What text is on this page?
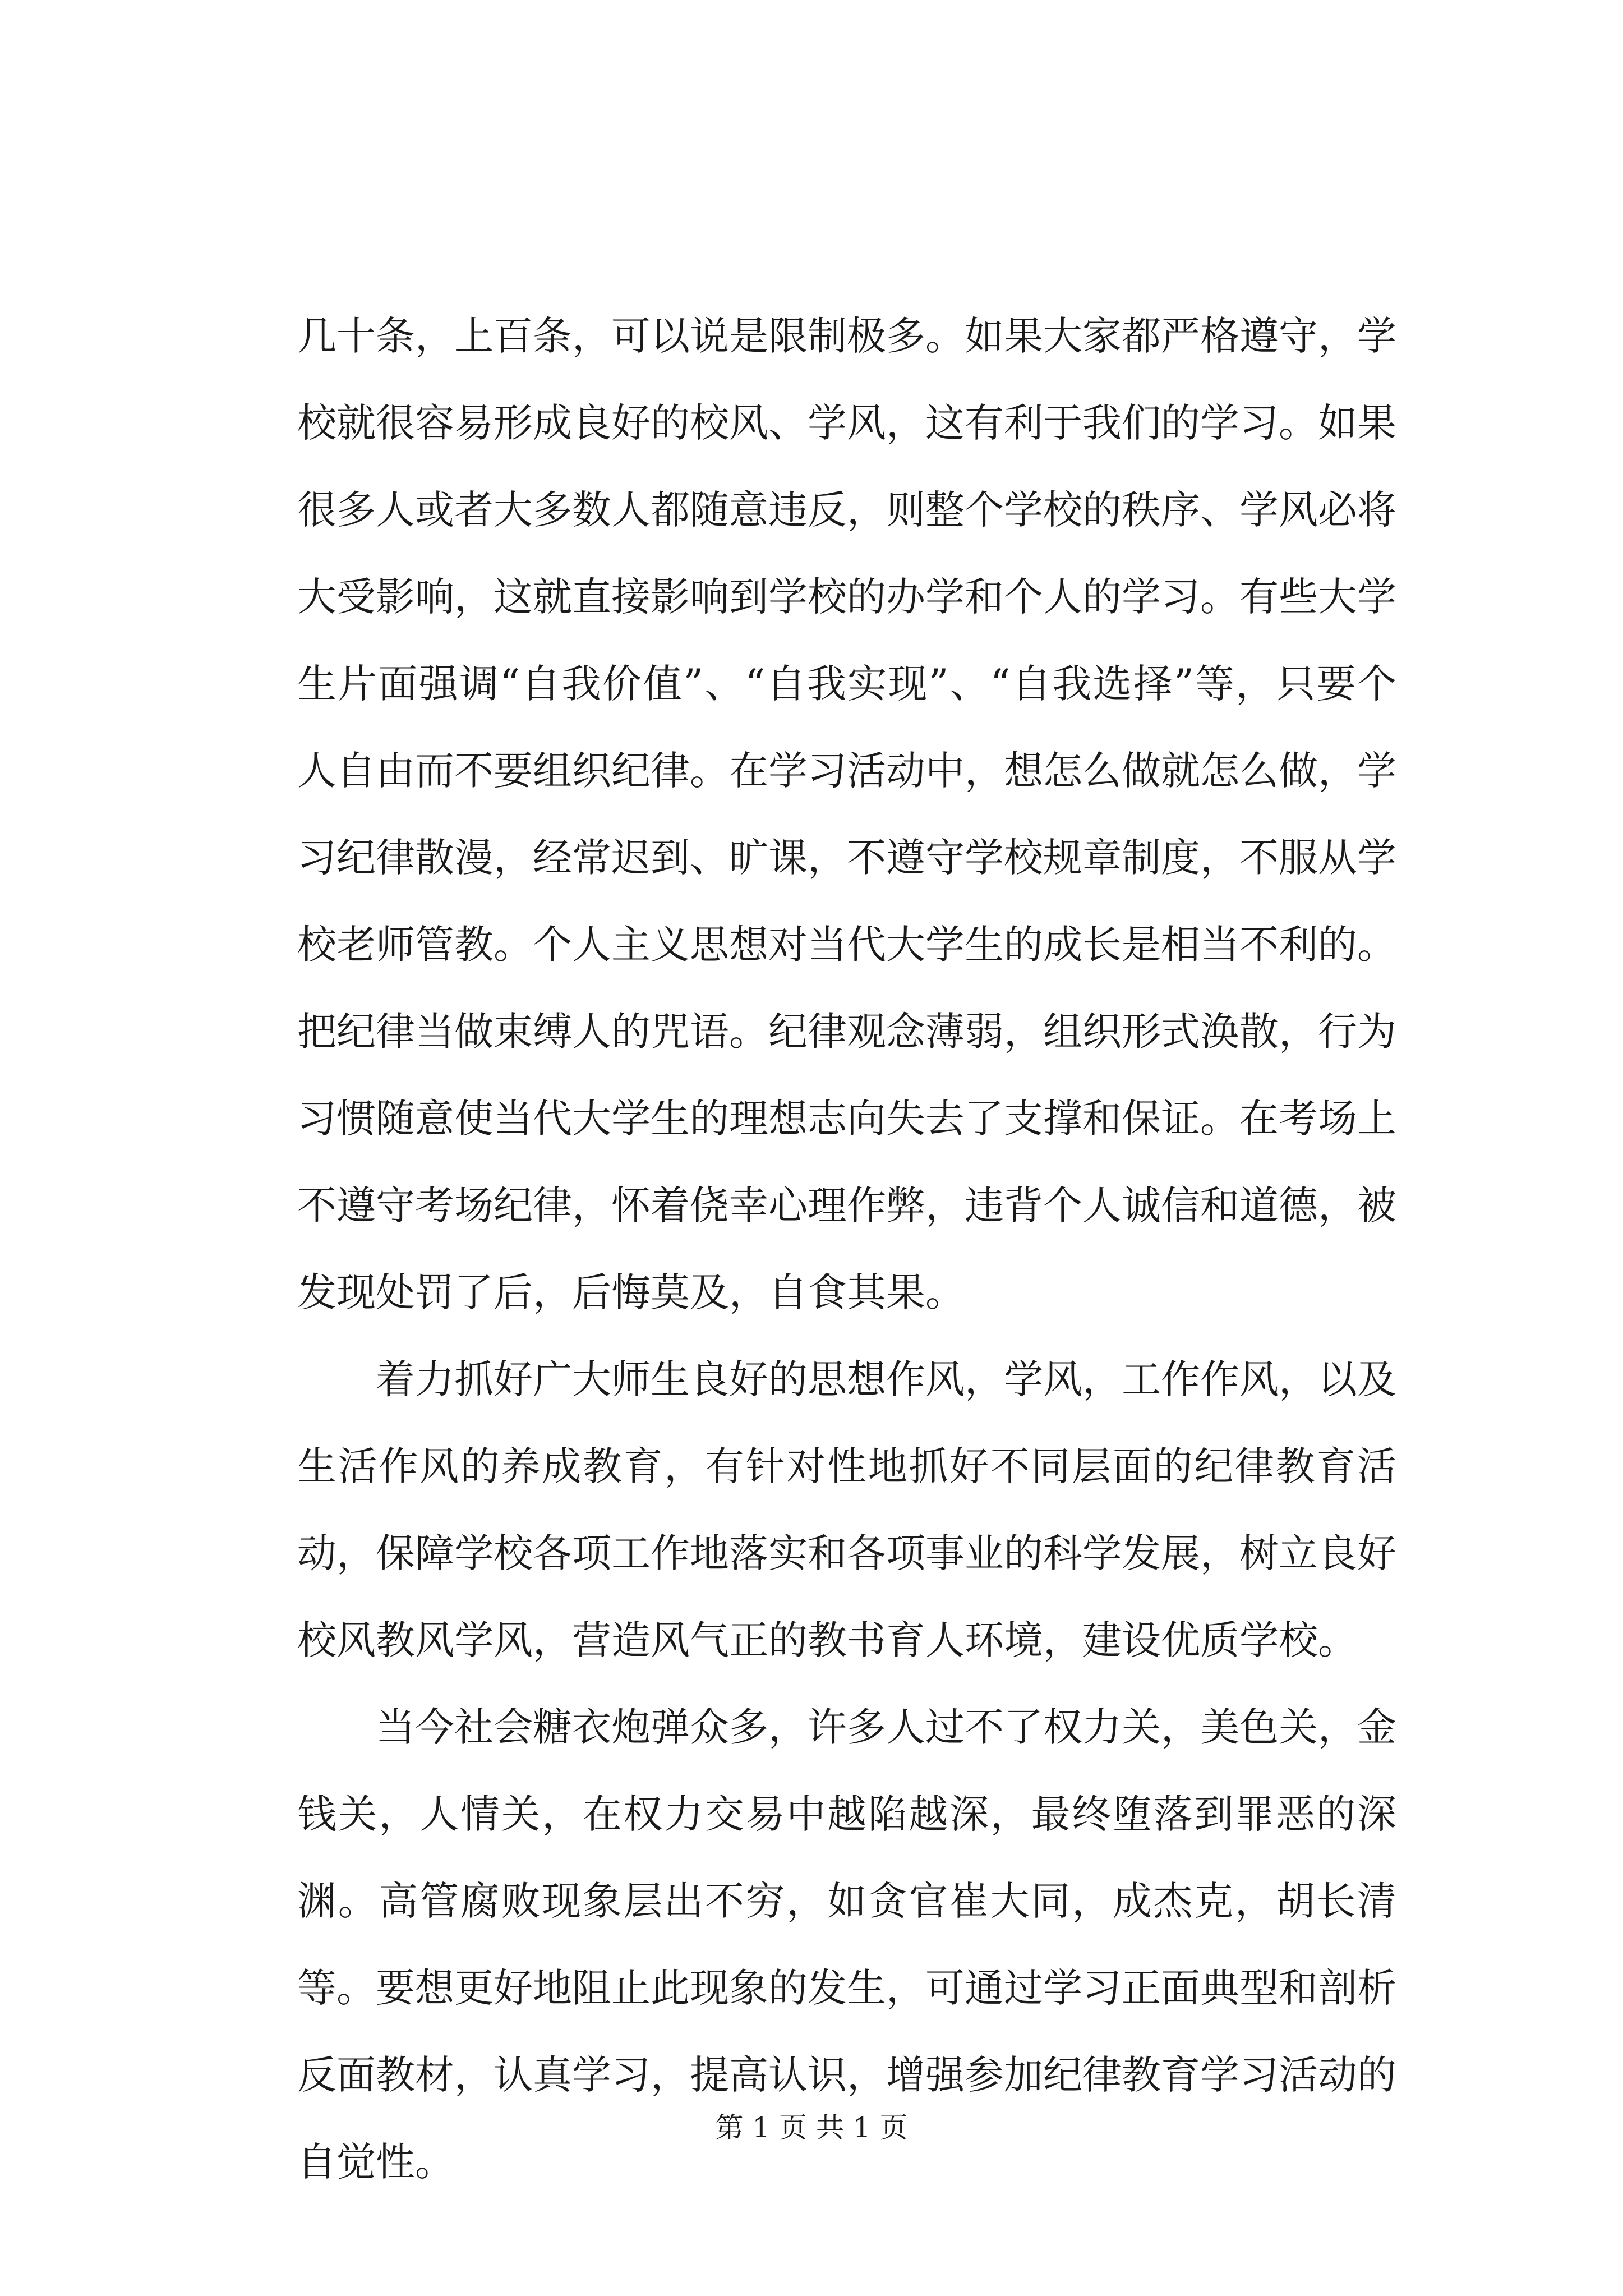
几十条，上百条，可以说是限制极多。如果大家都严格遵守，学校就很容易形成良好的校风、学风，这有利于我们的学习。如果很多人或者大多数人都随意违反，则整个学校的秩序、学风必将大受影响，这就直接影响到学校的办学和个人的学习。有些大学生片面强调“自我价值”、“自我实现”、“自我选择”等，只要个人自由而不要组织纪律。在学习活动中，想怎么做就怎么做，学习纪律散漫，经常迟到、旷课，不遵守学校规章制度，不服从学校老师管教。个人主义思想对当代大学生的成长是相当不利的。把纪律当做束缚人的咒语。纪律观念薄弱，组织形式涣散，行为习惯随意使当代大学生的理想志向失去了支撑和保证。在考场上不遵守考场纪律，怀着侥幸心理作弊，违背个人诚信和道德，被发现处罚了后，后悔莫及，自食其果。

着力抓好广大师生良好的思想作风，学风，工作作风，以及生活作风的养成教育，有针对性地抓好不同层面的纪律教育活动，保障学校各项工作地落实和各项事业的科学发展，树立良好校风教风学风，营造风气正的教书育人环境，建设优质学校。

当今社会糖衣炮弹众多，许多人过不了权力关，美色关，金钱关，人情关，在权力交易中越陷越深，最终堕落到罪恶的深渊。高管腐败现象层出不穷，如贪官崔大同，成杰克，胡长清等。要想更好地阻止此现象的发生，可通过学习正面典型和剖析反面教材，认真学习，提高认识，增强参加纪律教育学习活动的自觉性。

第 1 页 共 1 页
